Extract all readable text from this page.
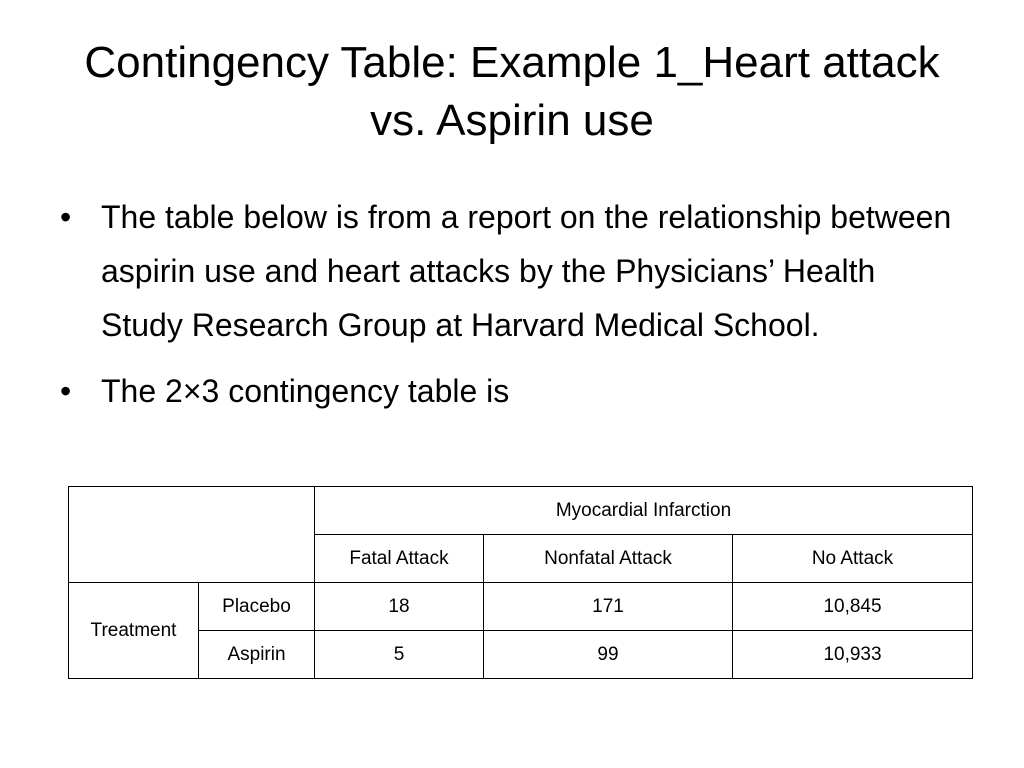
Contingency Table: Example 1_Heart attack vs. Aspirin use
• The table below is from a report on the relationship between aspirin use and heart attacks by the Physicians’ Health Study Research Group at Harvard Medical School.
• The 2×3 contingency table is
		Myocardial Infarction		
		Fatal Attack	Nonfatal Attack	No Attack
Treatment	Placebo	18	171	10,845
	Aspirin	5	99	10,933
